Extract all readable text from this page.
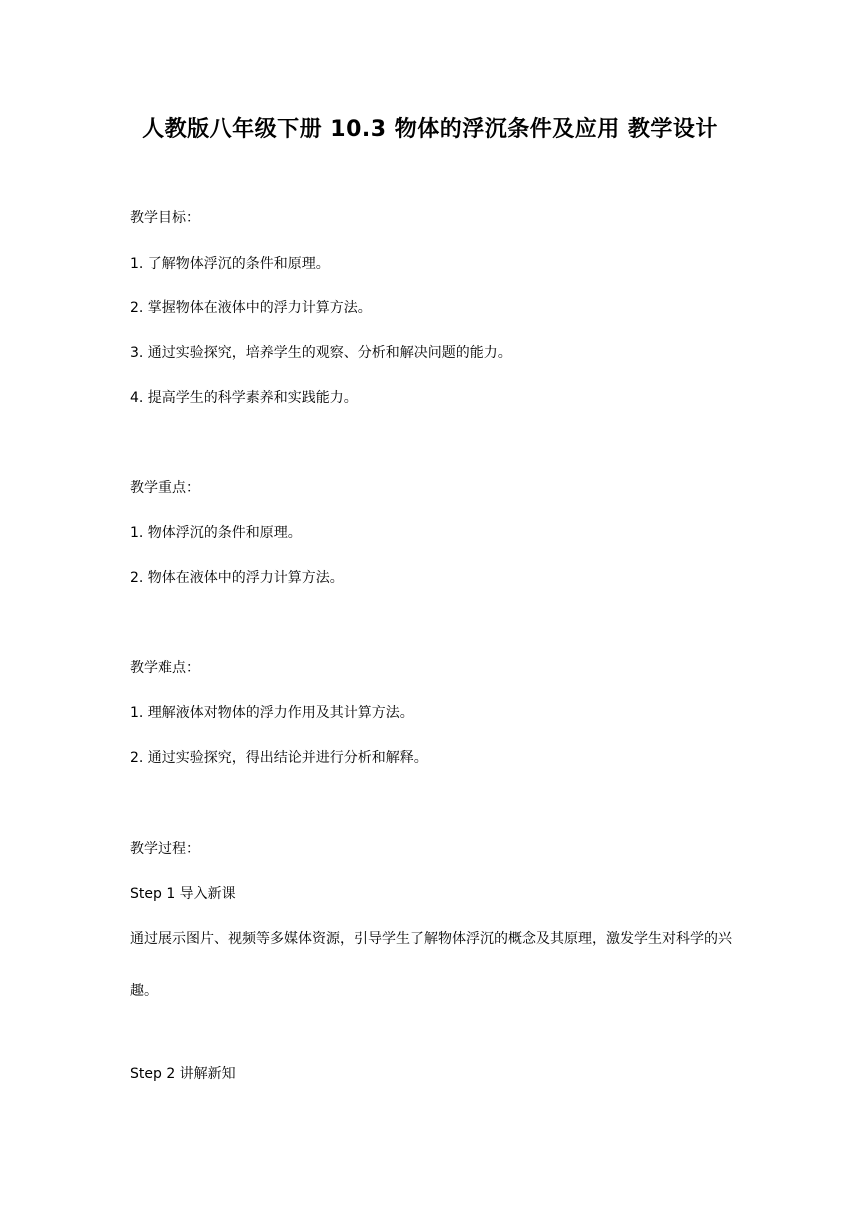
人教版八年级下册 10.3 物体的浮沉条件及应用 教学设计
教学目标：
1. 了解物体浮沉的条件和原理。
2. 掌握物体在液体中的浮力计算方法。
3. 通过实验探究，培养学生的观察、分析和解决问题的能力。
4. 提高学生的科学素养和实践能力。
教学重点：
1. 物体浮沉的条件和原理。
2. 物体在液体中的浮力计算方法。
教学难点：
1. 理解液体对物体的浮力作用及其计算方法。
2. 通过实验探究，得出结论并进行分析和解释。
教学过程：
Step 1 导入新课
通过展示图片、视频等多媒体资源，引导学生了解物体浮沉的概念及其原理，激发学生对科学的兴趣。
Step 2 讲解新知
